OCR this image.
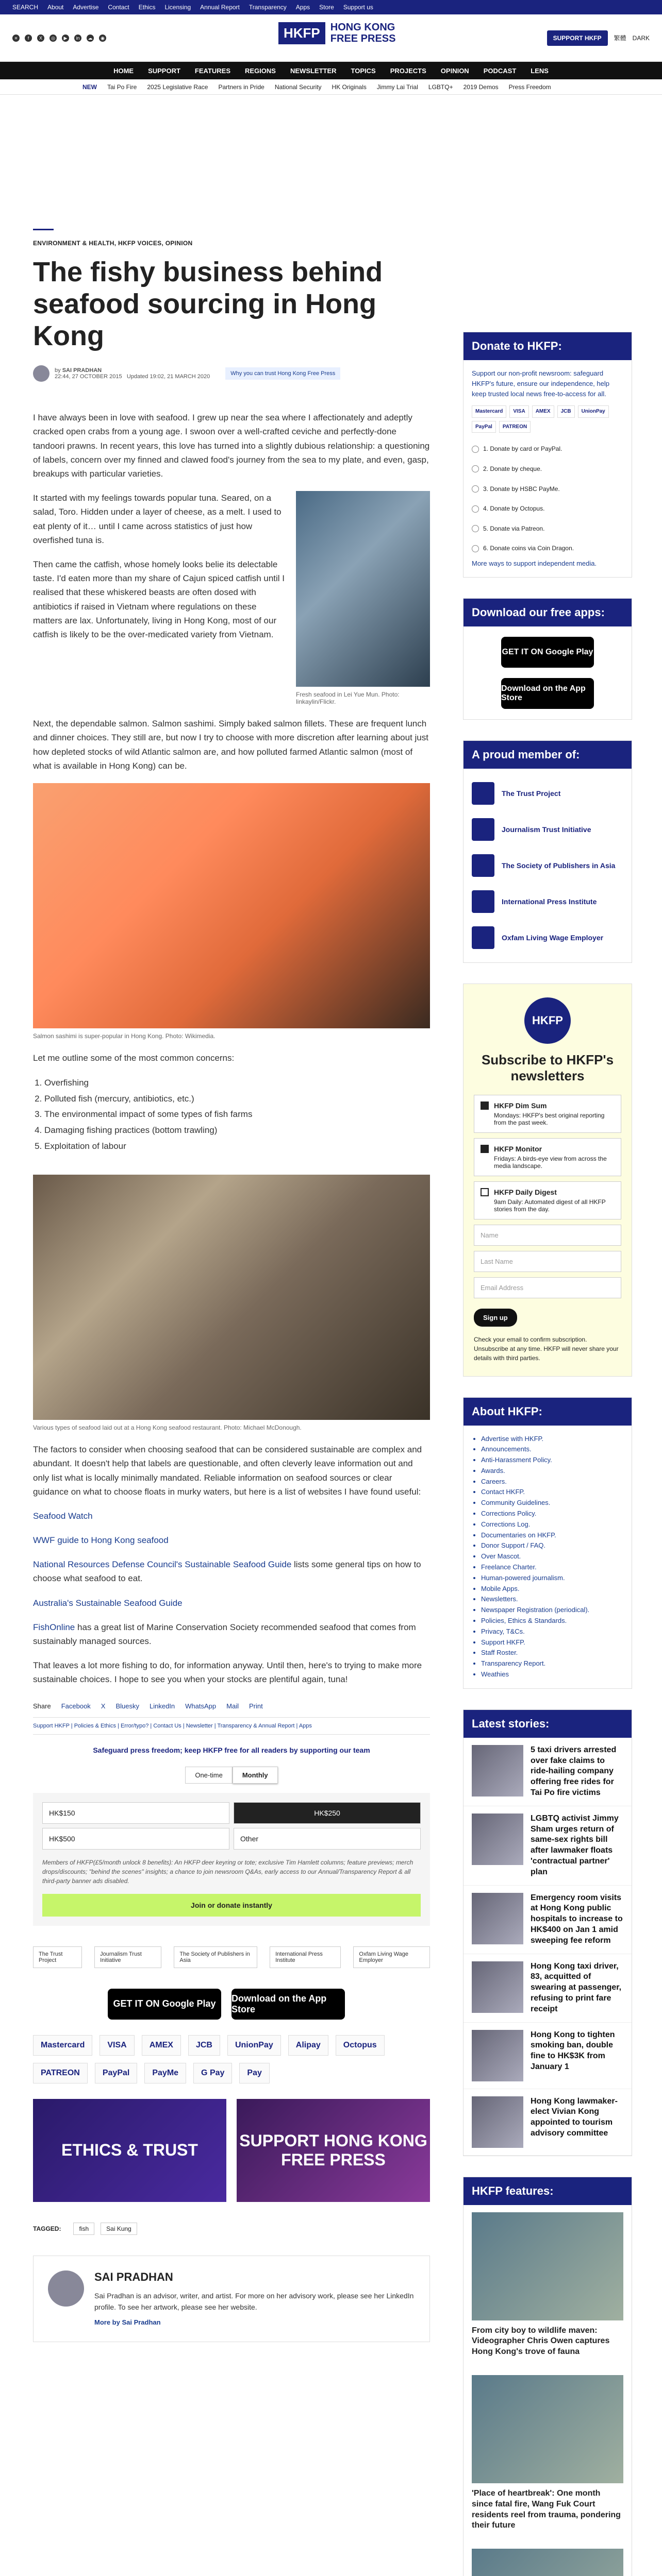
SEARCH About Advertise Contact Ethics Licensing Annual Report Transparency Apps Store Support us
≡	f	X	◎	▶	in	☁	◉	HKFP	HONG KONG
FREE PRESS	SUPPORT HKFP	繁體 DARK
HOME SUPPORT FEATURES REGIONS NEWSLETTER TOPICS PROJECTS OPINION PODCAST LENS
NEW Tai Po Fire 2025 Legislative Race Partners in Pride National Security HK Originals Jimmy Lai Trial LGBTQ+ 2019 Demos Press Freedom
ENVIRONMENT & HEALTH, HKFP VOICES, OPINION
The fishy business behind seafood sourcing in Hong Kong
by SAI PRADHAN
22:44, 27 OCTOBER 2015 Updated 19:02, 21 MARCH 2020	Why you can trust Hong Kong Free Press

I have always been in love with seafood. I grew up near the sea where I affectionately and adeptly cracked open crabs from a young age. I swoon over a well-crafted ceviche and perfectly-done tandoori prawns. In recent years, this love has turned into a slightly dubious relationship: a questioning of labels, concern over my finned and clawed food's journey from the sea to my plate, and even, gasp, breakups with particular varieties.

It started with my feelings towards popular tuna. Seared, on a salad, Toro. Hidden under a layer of cheese, as a melt. I used to eat plenty of it… until I came across statistics of just how overfished tuna is.

Then came the catfish, whose homely looks belie its delectable taste. I'd eaten more than my share of Cajun spiced catfish until I realised that these whiskered beasts are often dosed with antibiotics if raised in Vietnam where regulations on these matters are lax. Unfortunately, living in Hong Kong, most of our catfish is likely to be the over-medicated variety from Vietnam.

Fresh seafood in Lei Yue Mun. Photo: linkaylin/Flickr.

Next, the dependable salmon. Salmon sashimi. Simply baked salmon fillets. These are frequent lunch and dinner choices. They still are, but now I try to choose with more discretion after learning about just how depleted stocks of wild Atlantic salmon are, and how polluted farmed Atlantic salmon (most of what is available in Hong Kong) can be.

Salmon sashimi is super-popular in Hong Kong. Photo: Wikimedia.

Let me outline some of the most common concerns:

1. Overfishing
2. Polluted fish (mercury, antibiotics, etc.)
3. The environmental impact of some types of fish farms
4. Damaging fishing practices (bottom trawling)
5. Exploitation of labour
Various types of seafood laid out at a Hong Kong seafood restaurant. Photo: Michael McDonough.

The factors to consider when choosing seafood that can be considered sustainable are complex and abundant. It doesn't help that labels are questionable, and often cleverly leave information out and only list what is locally minimally mandated. Reliable information on seafood sources or clear guidance on what to choose floats in murky waters, but here is a list of websites I have found useful:

Seafood Watch

WWF guide to Hong Kong seafood

National Resources Defense Council's Sustainable Seafood Guide lists some general tips on how to choose what seafood to eat.

Australia's Sustainable Seafood Guide

FishOnline has a great list of Marine Conservation Society recommended seafood that comes from sustainably managed sources.

That leaves a lot more fishing to do, for information anyway. Until then, here's to trying to make more sustainable choices. I hope to see you when your stocks are plentiful again, tuna!

Share Facebook X Bluesky LinkedIn WhatsApp Mail Print
Support HKFP | Policies & Ethics | Error/typo? | Contact Us | Newsletter | Transparency & Annual Report | Apps
Safeguard press freedom; keep HKFP free for all readers by supporting our team
One-time	Monthly
HK$150	HK$250
HK$500	Other
Members of HKFP(£5/month unlock 8 benefits): An HKFP deer keyring or tote; exclusive Tim Hamlett columns; feature previews; merch drops/discounts; "behind the scenes" insights; a chance to join newsroom Q&As, early access to our Annual/Transparency Report & all third-party banner ads disabled.
Join or donate instantly
The Trust Project
Journalism Trust Initiative
The Society of Publishers in Asia
International Press Institute
Oxfam Living Wage Employer
GET IT ON Google Play
Download on the App Store
Mastercard	VISA	AMEX	JCB	UnionPay	Alipay	Octopus
PATREON	PayPal	PayMe	G Pay	Pay
ETHICS & TRUST
SUPPORT HONG KONG FREE PRESS
TAGGED:	fish	Sai Kung
SAI PRADHAN

Sai Pradhan is an advisor, writer, and artist. For more on her advisory work, please see her LinkedIn profile. To see her artwork, please see her website.

More by Sai Pradhan
Donate to HKFP:
Support our non-profit newsroom: safeguard HKFP's future, ensure our independence, help keep trusted local news free-to-access for all.
Mastercard	VISA	AMEX	JCB	UnionPay
PayPal	PATREON
1. Donate by card or PayPal.
2. Donate by cheque.
3. Donate by HSBC PayMe.
4. Donate by Octopus.
5. Donate via Patreon.
6. Donate coins via Coin Dragon.
More ways to support independent media.
Download our free apps:
GET IT ON Google Play
Download on the App Store
A proud member of:
The Trust Project
Journalism Trust Initiative
The Society of Publishers in Asia
International Press Institute
Oxfam Living Wage Employer
HKFP
Subscribe to HKFP's newsletters
HKFP Dim Sum
Mondays: HKFP's best original reporting from the past week.
HKFP Monitor
Fridays: A birds-eye view from across the media landscape.
HKFP Daily Digest
9am Daily: Automated digest of all HKFP stories from the day.
Name
Last Name
Email Address
Sign up
Check your email to confirm subscription. Unsubscribe at any time. HKFP will never share your details with third parties.
About HKFP:
• Advertise with HKFP.
• Announcements.
• Anti-Harassment Policy.
• Awards.
• Careers.
• Contact HKFP.
• Community Guidelines.
• Corrections Policy.
• Corrections Log.
• Documentaries on HKFP.
• Donor Support / FAQ.
• Over Mascot.
• Freelance Charter.
• Human-powered journalism.
• Mobile Apps.
• Newsletters.
• Newspaper Registration (periodical).
• Policies, Ethics & Standards.
• Privacy, T&Cs.
• Support HKFP.
• Staff Roster.
• Transparency Report.
• Weathies
Latest stories:
5 taxi drivers arrested over fake claims to ride-hailing company offering free rides for Tai Po fire victims
LGBTQ activist Jimmy Sham urges return of same-sex rights bill after lawmaker floats 'contractual partner' plan
Emergency room visits at Hong Kong public hospitals to increase to HK$400 on Jan 1 amid sweeping fee reform
Hong Kong taxi driver, 83, acquitted of swearing at passenger, refusing to print fare receipt
Hong Kong to tighten smoking ban, double fine to HK$3K from January 1
Hong Kong lawmaker-elect Vivian Kong appointed to tourism advisory committee
HKFP features:
From city boy to wildlife maven: Videographer Chris Owen captures Hong Kong's trove of fauna
'Place of heartbreak': One month since fatal fire, Wang Fuk Court residents reel from trauma, pondering their future
